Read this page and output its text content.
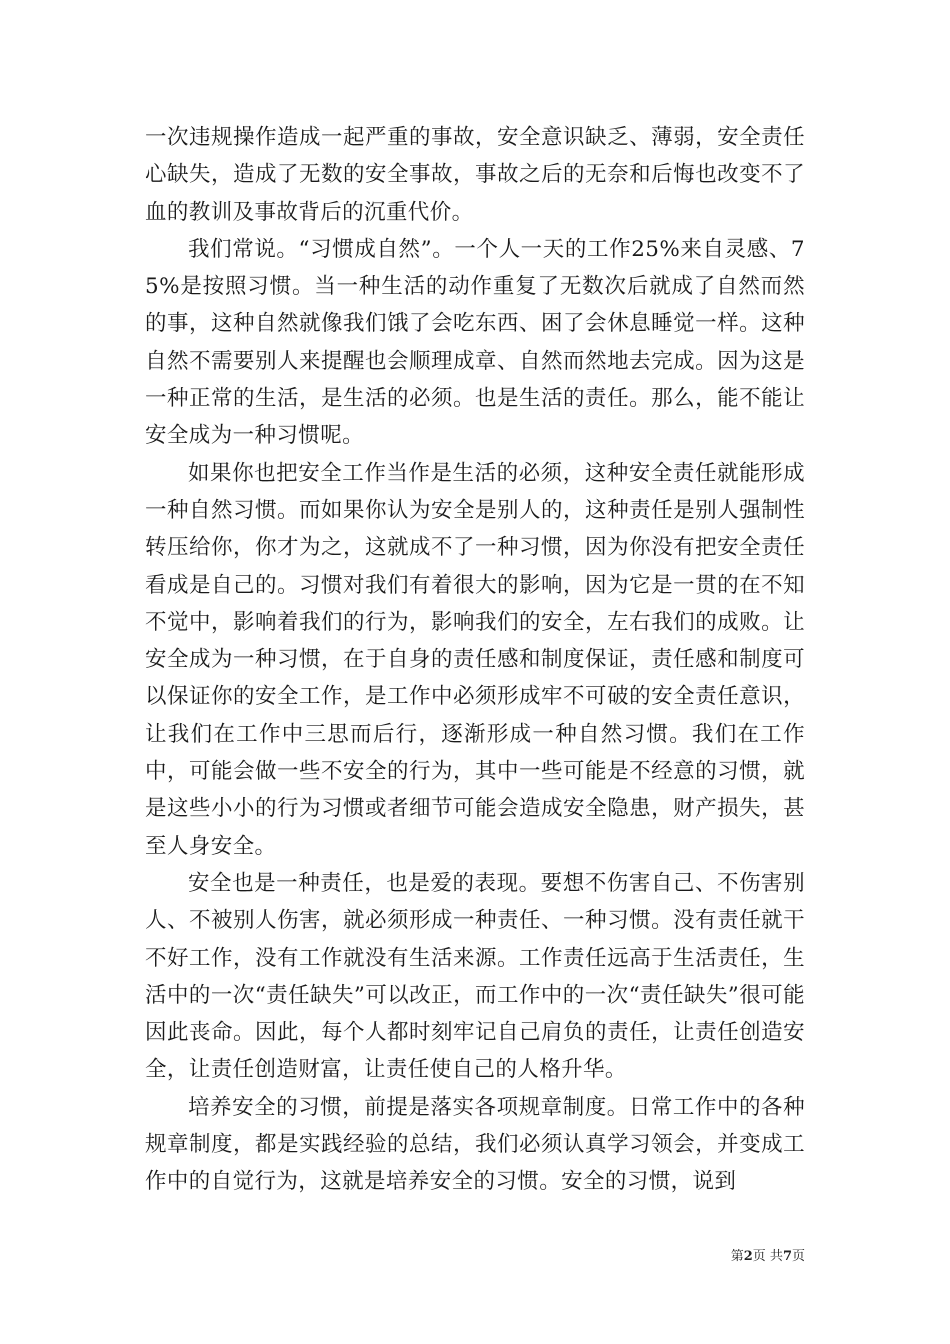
一次违规操作造成一起严重的事故，安全意识缺乏、薄弱，安全责任心缺失，造成了无数的安全事故，事故之后的无奈和后悔也改变不了血的教训及事故背后的沉重代价。

我们常说。“习惯成自然”。一个人一天的工作25%来自灵感、75%是按照习惯。当一种生活的动作重复了无数次后就成了自然而然的事，这种自然就像我们饿了会吃东西、困了会休息睡觉一样。这种自然不需要别人来提醒也会顺理成章、自然而然地去完成。因为这是一种正常的生活，是生活的必须。也是生活的责任。那么，能不能让安全成为一种习惯呢。

如果你也把安全工作当作是生活的必须，这种安全责任就能形成一种自然习惯。而如果你认为安全是别人的，这种责任是别人强制性转压给你，你才为之，这就成不了一种习惯，因为你没有把安全责任看成是自己的。习惯对我们有着很大的影响，因为它是一贯的在不知不觉中，影响着我们的行为，影响我们的安全，左右我们的成败。让安全成为一种习惯，在于自身的责任感和制度保证，责任感和制度可以保证你的安全工作，是工作中必须形成牢不可破的安全责任意识，让我们在工作中三思而后行，逐渐形成一种自然习惯。我们在工作中，可能会做一些不安全的行为，其中一些可能是不经意的习惯，就是这些小小的行为习惯或者细节可能会造成安全隐患，财产损失，甚至人身安全。

安全也是一种责任，也是爱的表现。要想不伤害自己、不伤害别人、不被别人伤害，就必须形成一种责任、一种习惯。没有责任就干不好工作，没有工作就没有生活来源。工作责任远高于生活责任，生活中的一次“责任缺失”可以改正，而工作中的一次“责任缺失”很可能因此丧命。因此，每个人都时刻牢记自己肩负的责任，让责任创造安全，让责任创造财富，让责任使自己的人格升华。

培养安全的习惯，前提是落实各项规章制度。日常工作中的各种规章制度，都是实践经验的总结，我们必须认真学习领会，并变成工作中的自觉行为，这就是培养安全的习惯。安全的习惯，说到

第2页 共7页
